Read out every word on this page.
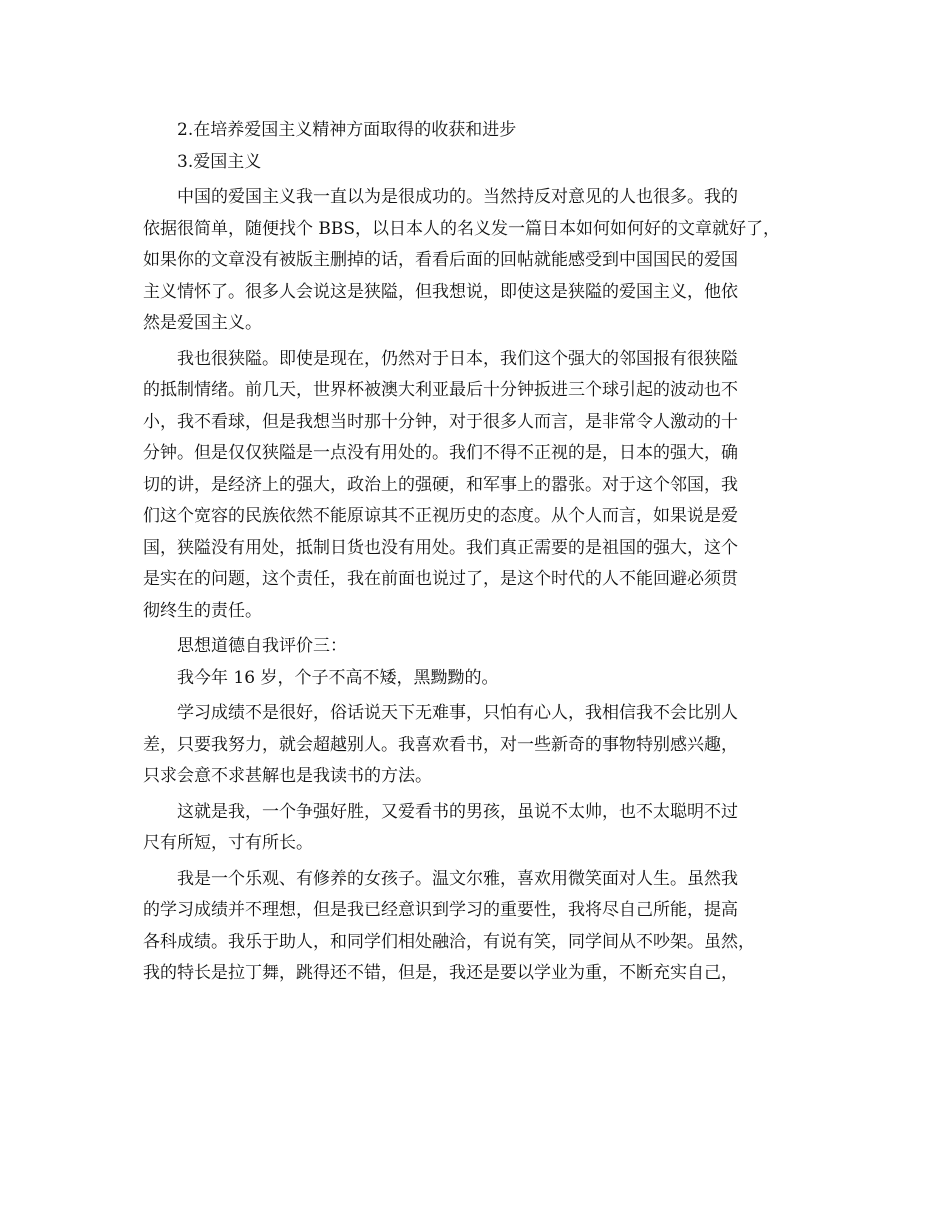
2.在培养爱国主义精神方面取得的收获和进步
3.爱国主义
中国的爱国主义我一直以为是很成功的。当然持反对意见的人也很多。我的
依据很简单，随便找个 BBS，以日本人的名义发一篇日本如何如何好的文章就好了，
如果你的文章没有被版主删掉的话，看看后面的回帖就能感受到中国国民的爱国
主义情怀了。很多人会说这是狭隘，但我想说，即使这是狭隘的爱国主义，他依
然是爱国主义。
我也很狭隘。即使是现在，仍然对于日本，我们这个强大的邻国报有很狭隘
的抵制情绪。前几天，世界杯被澳大利亚最后十分钟扳进三个球引起的波动也不
小，我不看球，但是我想当时那十分钟，对于很多人而言，是非常令人激动的十
分钟。但是仅仅狭隘是一点没有用处的。我们不得不正视的是，日本的强大，确
切的讲，是经济上的强大，政治上的强硬，和军事上的嚣张。对于这个邻国，我
们这个宽容的民族依然不能原谅其不正视历史的态度。从个人而言，如果说是爱
国，狭隘没有用处，抵制日货也没有用处。我们真正需要的是祖国的强大，这个
是实在的问题，这个责任，我在前面也说过了，是这个时代的人不能回避必须贯
彻终生的责任。
思想道德自我评价三：
我今年 16 岁，个子不高不矮，黑黝黝的。
学习成绩不是很好，俗话说天下无难事，只怕有心人，我相信我不会比别人
差，只要我努力，就会超越别人。我喜欢看书，对一些新奇的事物特别感兴趣，
只求会意不求甚解也是我读书的方法。
这就是我，一个争强好胜，又爱看书的男孩，虽说不太帅，也不太聪明不过
尺有所短，寸有所长。
我是一个乐观、有修养的女孩子。温文尔雅，喜欢用微笑面对人生。虽然我
的学习成绩并不理想，但是我已经意识到学习的重要性，我将尽自己所能，提高
各科成绩。我乐于助人，和同学们相处融洽，有说有笑，同学间从不吵架。虽然，
我的特长是拉丁舞，跳得还不错，但是，我还是要以学业为重，不断充实自己，
